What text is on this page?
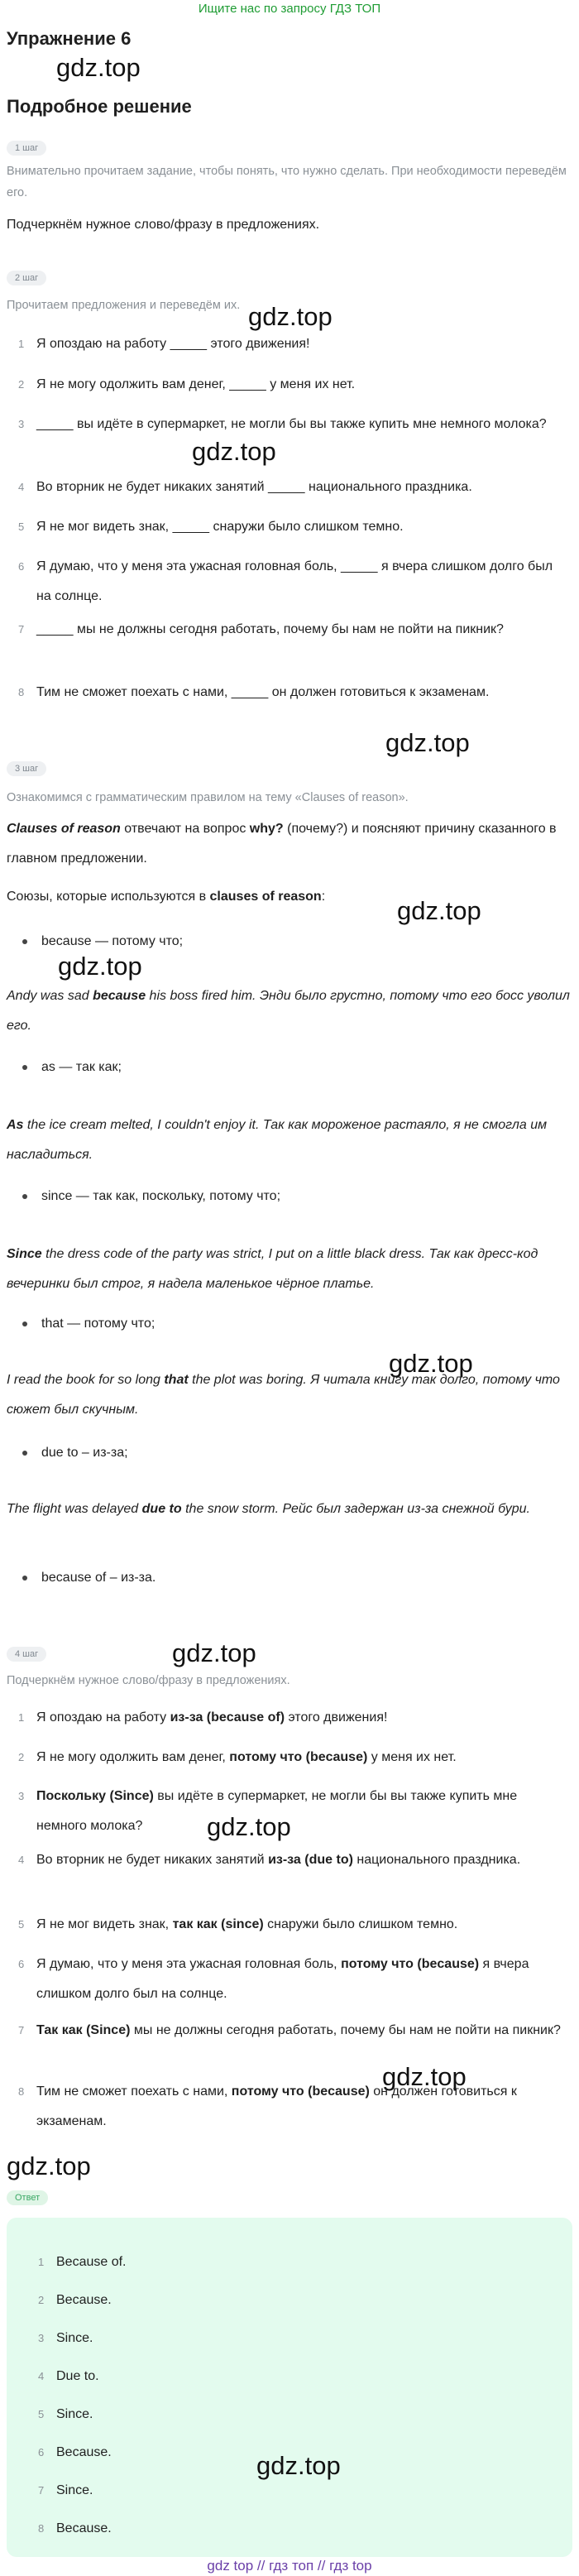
Ищите нас по запросу ГДЗ ТОП
Упражнение 6
Подробное решение
gdz.top
gdz.top
gdz.top
gdz.top
gdz.top
gdz.top
gdz.top
gdz.top
gdz.top
gdz.top
gdz.top
gdz.top
1 шаг
Внимательно прочитаем задание, чтобы понять, что нужно сделать. При необходимости переведём его.
Подчеркнём нужное слово/фразу в предложениях.
2 шаг
Прочитаем предложения и переведём их.
1 Я опоздаю на работу _____ этого движения!
2 Я не могу одолжить вам денег, _____ у меня их нет.
3 _____ вы идёте в супермаркет, не могли бы вы также купить мне немного молока?
4 Во вторник не будет никаких занятий _____ национального праздника.
5 Я не мог видеть знак, _____ снаружи было слишком темно.
6 Я думаю, что у меня эта ужасная головная боль, _____ я вчера слишком долго был на солнце.
7 _____ мы не должны сегодня работать, почему бы нам не пойти на пикник?
8 Тим не сможет поехать с нами, _____ он должен готовиться к экзаменам.
3 шаг
Ознакомимся с грамматическим правилом на тему «Clauses of reason».
Clauses of reason отвечают на вопрос why? (почему?) и поясняют причину сказанного в главном предложении.
Союзы, которые используются в clauses of reason:
because — потому что;
as — так как;
since — так как, поскольку, потому что;
that — потому что;
due to – из-за;
because of – из-за.
Andy was sad because his boss fired him. Энди было грустно, потому что его босс уволил его.
As the ice cream melted, I couldn't enjoy it. Так как мороженое растаяло, я не смогла им насладиться.
Since the dress code of the party was strict, I put on a little black dress. Так как дресс-код вечеринки был строг, я надела маленькое чёрное платье.
I read the book for so long that the plot was boring. Я читала книгу так долго, потому что сюжет был скучным.
The flight was delayed due to the snow storm. Рейс был задержан из-за снежной бури.
4 шаг
Подчеркнём нужное слово/фразу в предложениях.
1 Я опоздаю на работу из-за (because of) этого движения!
2 Я не могу одолжить вам денег, потому что (because) у меня их нет.
3 Поскольку (Since) вы идёте в супермаркет, не могли бы вы также купить мне немного молока?
4 Во вторник не будет никаких занятий из-за (due to) национального праздника.
5 Я не мог видеть знак, так как (since) снаружи было слишком темно.
6 Я думаю, что у меня эта ужасная головная боль, потому что (because) я вчера слишком долго был на солнце.
7 Так как (Since) мы не должны сегодня работать, почему бы нам не пойти на пикник?
8 Тим не сможет поехать с нами, потому что (because) он должен готовиться к экзаменам.
Ответ
1 Because of.
2 Because.
3 Since.
4 Due to.
5 Since.
6 Because.
7 Since.
8 Because.
gdz top // гдз топ // гдз top
